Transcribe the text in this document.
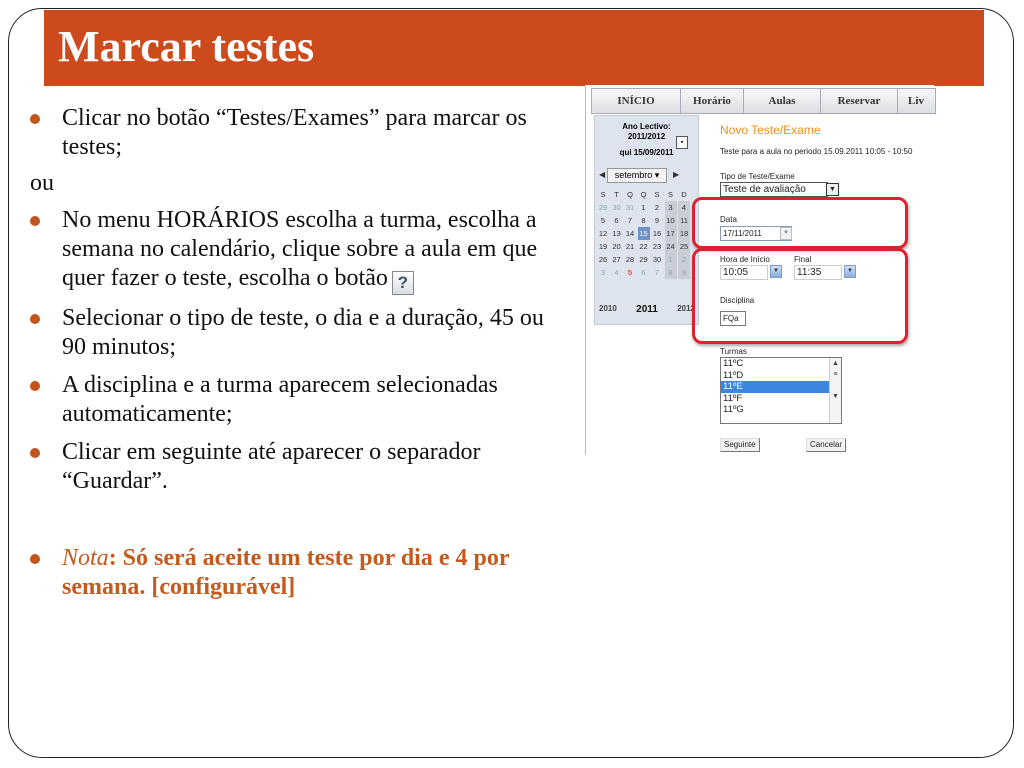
Marcar testes
Clicar no botão “Testes/Exames” para marcar os testes;
ou
No menu HORÁRIOS escolha a turma, escolha a semana no calendário, clique sobre a aula em que quer fazer o teste, escolha o botão ?
Selecionar o tipo de teste, o dia e a duração, 45 ou 90 minutos;
A disciplina e a turma aparecem selecionadas automaticamente;
Clicar em seguinte até aparecer o separador “Guardar”.
Nota: Só será aceite um teste por dia e 4 por semana. [configurável]
INÍCIO	Horário	Aulas	Reservar	Liv
Ano Lectivo:
2011/2012
qui 15/09/2011
▪
◀	setembro ▾	▶
S	T	Q	Q	S	S	D
29 30 31 1	2	3	4
5	6	7	8	9 10 11
12 13 14 15 16 17 18
19 20 21 22 23 24 25
26 27 28 29 30 1	2
3	4	5	6	7	8	9
2010 2011 2012
Novo Teste/Exame
Teste para a aula no periodo 15.09.2011 10:05 - 10:50
Tipo de Teste/Exame
Teste de avaliação	▼
Data
17/11/2011	▼
Hora de Início	Final
10:05	▼	11:35	▼
Disciplina
FQa
Turmas
11ºC
11ºD
11ºE
11ºF
11ºG
▲
≡

▼
Seguinte	Cancelar
